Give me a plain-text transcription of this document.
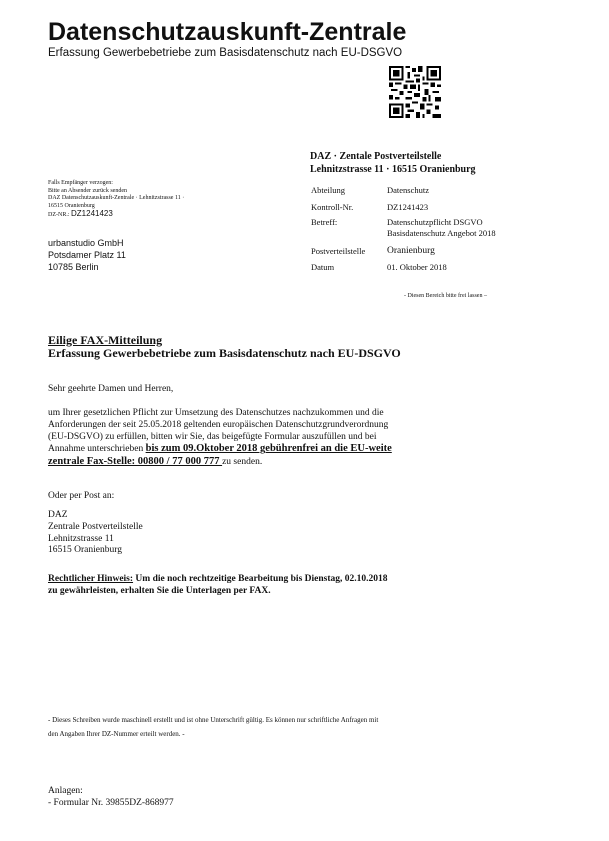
Datenschutzauskunft-Zentrale
Erfassung Gewerbebetriebe zum Basisdatenschutz nach EU-DSGVO
DAZ · Zentale Postverteilstelle
Lehnitzstrasse 11 · 16515 Oranienburg
Falls Empfänger verzogen:
Bitte an Absender zurück senden
DAZ Datenschutzauskunft-Zentrale · Lehnitzstrasse 11 ·
16515 Oranienburg
DZ-NR.: DZ1241423
urbanstudio GmbH
Potsdamer Platz 11
10785 Berlin
Abteilung	Datenschutz
Kontroll-Nr.	DZ1241423
Betreff:	Datenschutzpflicht DSGVO
Basisdatenschutz Angebot 2018
Postverteilstelle Oranienburg
Datum	01. Oktober 2018
- Diesen Bereich bitte frei lassen –
Eilige FAX-Mitteilung
Erfassung Gewerbebetriebe zum Basisdatenschutz nach EU-DSGVO
Sehr geehrte Damen und Herren,
um Ihrer gesetzlichen Pflicht zur Umsetzung des Datenschutzes nachzukommen und die
Anforderungen der seit 25.05.2018 geltenden europäischen Datenschutzgrundverordnung
(EU-DSGVO) zu erfüllen, bitten wir Sie, das beigefügte Formular auszufüllen und bei
Annahme unterschrieben bis zum 09.Oktober 2018 gebührenfrei an die EU-weite
zentrale Fax-Stelle: 00800 / 77 000 777 zu senden.
Oder per Post an:
DAZ
Zentrale Postverteilstelle
Lehnitzstrasse 11
16515 Oranienburg
Rechtlicher Hinweis: Um die noch rechtzeitige Bearbeitung bis Dienstag, 02.10.2018
zu gewährleisten, erhalten Sie die Unterlagen per FAX.
- Dieses Schreiben wurde maschinell erstellt und ist ohne Unterschrift gültig. Es können nur schriftliche Anfragen mit
den Angaben Ihrer DZ-Nummer erteilt werden. -
Anlagen:
- Formular Nr. 39855DZ-868977
